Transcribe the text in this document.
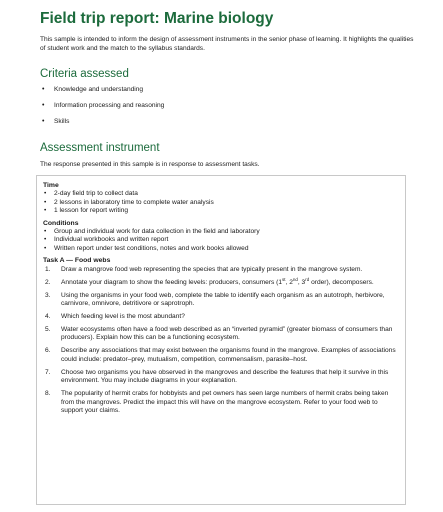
Field trip report: Marine biology
This sample is intended to inform the design of assessment instruments in the senior phase of learning. It highlights the qualities of student work and the match to the syllabus standards.
Criteria assessed
• Knowledge and understanding
• Information processing and reasoning
• Skills
Assessment instrument
The response presented in this sample is in response to assessment tasks.
Time
• 2-day field trip to collect data
• 2 lessons in laboratory time to complete water analysis
• 1 lesson for report writing
Conditions
• Group and individual work for data collection in the field and laboratory
• Individual workbooks and written report
• Written report under test conditions, notes and work books allowed
Task A — Food webs
1. Draw a mangrove food web representing the species that are typically present in the mangrove system.
2. Annotate your diagram to show the feeding levels: producers, consumers (1st, 2nd, 3rd order), decomposers.
3. Using the organisms in your food web, complete the table to identify each organism as an autotroph, herbivore, carnivore, omnivore, detritivore or saprotroph.
4. Which feeding level is the most abundant?
5. Water ecosystems often have a food web described as an “inverted pyramid” (greater biomass of consumers than producers). Explain how this can be a functioning ecosystem.
6. Describe any associations that may exist between the organisms found in the mangrove. Examples of associations could include: predator–prey, mutualism, competition, commensalism, parasite–host.
7. Choose two organisms you have observed in the mangroves and describe the features that help it survive in this environment. You may include diagrams in your explanation.
8. The popularity of hermit crabs for hobbyists and pet owners has seen large numbers of hermit crabs being taken from the mangroves. Predict the impact this will have on the mangrove ecosystem. Refer to your food web to support your claims.
